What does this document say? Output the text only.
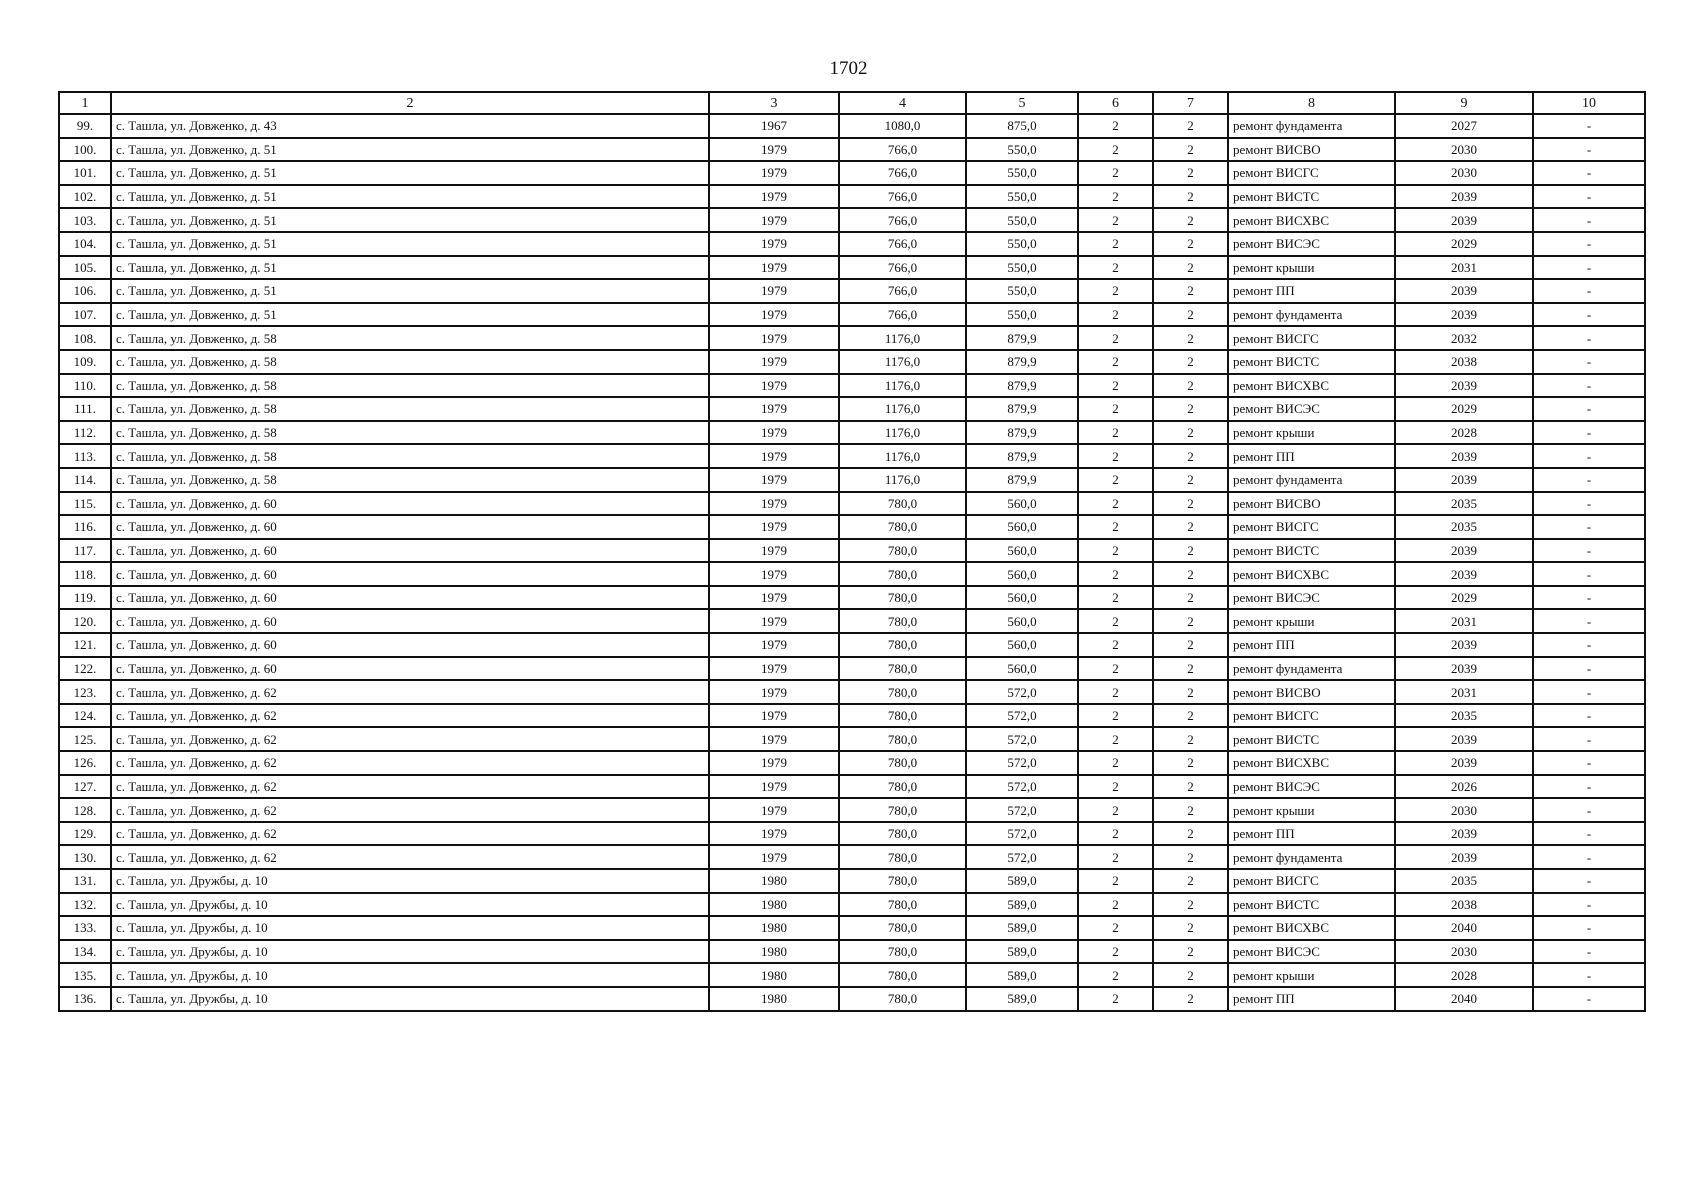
1702
1	2	3	4	5	6	7	8	9	10
99.	с. Ташла, ул. Довженко, д. 43	1967	1080,0	875,0	2	2	ремонт фундамента	2027	-
100.	с. Ташла, ул. Довженко, д. 51	1979	766,0	550,0	2	2	ремонт ВИСВО	2030	-
101.	с. Ташла, ул. Довженко, д. 51	1979	766,0	550,0	2	2	ремонт ВИСГС	2030	-
102.	с. Ташла, ул. Довженко, д. 51	1979	766,0	550,0	2	2	ремонт ВИСТС	2039	-
103.	с. Ташла, ул. Довженко, д. 51	1979	766,0	550,0	2	2	ремонт ВИСХВС	2039	-
104.	с. Ташла, ул. Довженко, д. 51	1979	766,0	550,0	2	2	ремонт ВИСЭС	2029	-
105.	с. Ташла, ул. Довженко, д. 51	1979	766,0	550,0	2	2	ремонт крыши	2031	-
106.	с. Ташла, ул. Довженко, д. 51	1979	766,0	550,0	2	2	ремонт ПП	2039	-
107.	с. Ташла, ул. Довженко, д. 51	1979	766,0	550,0	2	2	ремонт фундамента	2039	-
108.	с. Ташла, ул. Довженко, д. 58	1979	1176,0	879,9	2	2	ремонт ВИСГС	2032	-
109.	с. Ташла, ул. Довженко, д. 58	1979	1176,0	879,9	2	2	ремонт ВИСТС	2038	-
110.	с. Ташла, ул. Довженко, д. 58	1979	1176,0	879,9	2	2	ремонт ВИСХВС	2039	-
111.	с. Ташла, ул. Довженко, д. 58	1979	1176,0	879,9	2	2	ремонт ВИСЭС	2029	-
112.	с. Ташла, ул. Довженко, д. 58	1979	1176,0	879,9	2	2	ремонт крыши	2028	-
113.	с. Ташла, ул. Довженко, д. 58	1979	1176,0	879,9	2	2	ремонт ПП	2039	-
114.	с. Ташла, ул. Довженко, д. 58	1979	1176,0	879,9	2	2	ремонт фундамента	2039	-
115.	с. Ташла, ул. Довженко, д. 60	1979	780,0	560,0	2	2	ремонт ВИСВО	2035	-
116.	с. Ташла, ул. Довженко, д. 60	1979	780,0	560,0	2	2	ремонт ВИСГС	2035	-
117.	с. Ташла, ул. Довженко, д. 60	1979	780,0	560,0	2	2	ремонт ВИСТС	2039	-
118.	с. Ташла, ул. Довженко, д. 60	1979	780,0	560,0	2	2	ремонт ВИСХВС	2039	-
119.	с. Ташла, ул. Довженко, д. 60	1979	780,0	560,0	2	2	ремонт ВИСЭС	2029	-
120.	с. Ташла, ул. Довженко, д. 60	1979	780,0	560,0	2	2	ремонт крыши	2031	-
121.	с. Ташла, ул. Довженко, д. 60	1979	780,0	560,0	2	2	ремонт ПП	2039	-
122.	с. Ташла, ул. Довженко, д. 60	1979	780,0	560,0	2	2	ремонт фундамента	2039	-
123.	с. Ташла, ул. Довженко, д. 62	1979	780,0	572,0	2	2	ремонт ВИСВО	2031	-
124.	с. Ташла, ул. Довженко, д. 62	1979	780,0	572,0	2	2	ремонт ВИСГС	2035	-
125.	с. Ташла, ул. Довженко, д. 62	1979	780,0	572,0	2	2	ремонт ВИСТС	2039	-
126.	с. Ташла, ул. Довженко, д. 62	1979	780,0	572,0	2	2	ремонт ВИСХВС	2039	-
127.	с. Ташла, ул. Довженко, д. 62	1979	780,0	572,0	2	2	ремонт ВИСЭС	2026	-
128.	с. Ташла, ул. Довженко, д. 62	1979	780,0	572,0	2	2	ремонт крыши	2030	-
129.	с. Ташла, ул. Довженко, д. 62	1979	780,0	572,0	2	2	ремонт ПП	2039	-
130.	с. Ташла, ул. Довженко, д. 62	1979	780,0	572,0	2	2	ремонт фундамента	2039	-
131.	с. Ташла, ул. Дружбы, д. 10	1980	780,0	589,0	2	2	ремонт ВИСГС	2035	-
132.	с. Ташла, ул. Дружбы, д. 10	1980	780,0	589,0	2	2	ремонт ВИСТС	2038	-
133.	с. Ташла, ул. Дружбы, д. 10	1980	780,0	589,0	2	2	ремонт ВИСХВС	2040	-
134.	с. Ташла, ул. Дружбы, д. 10	1980	780,0	589,0	2	2	ремонт ВИСЭС	2030	-
135.	с. Ташла, ул. Дружбы, д. 10	1980	780,0	589,0	2	2	ремонт крыши	2028	-
136.	с. Ташла, ул. Дружбы, д. 10	1980	780,0	589,0	2	2	ремонт ПП	2040	-
